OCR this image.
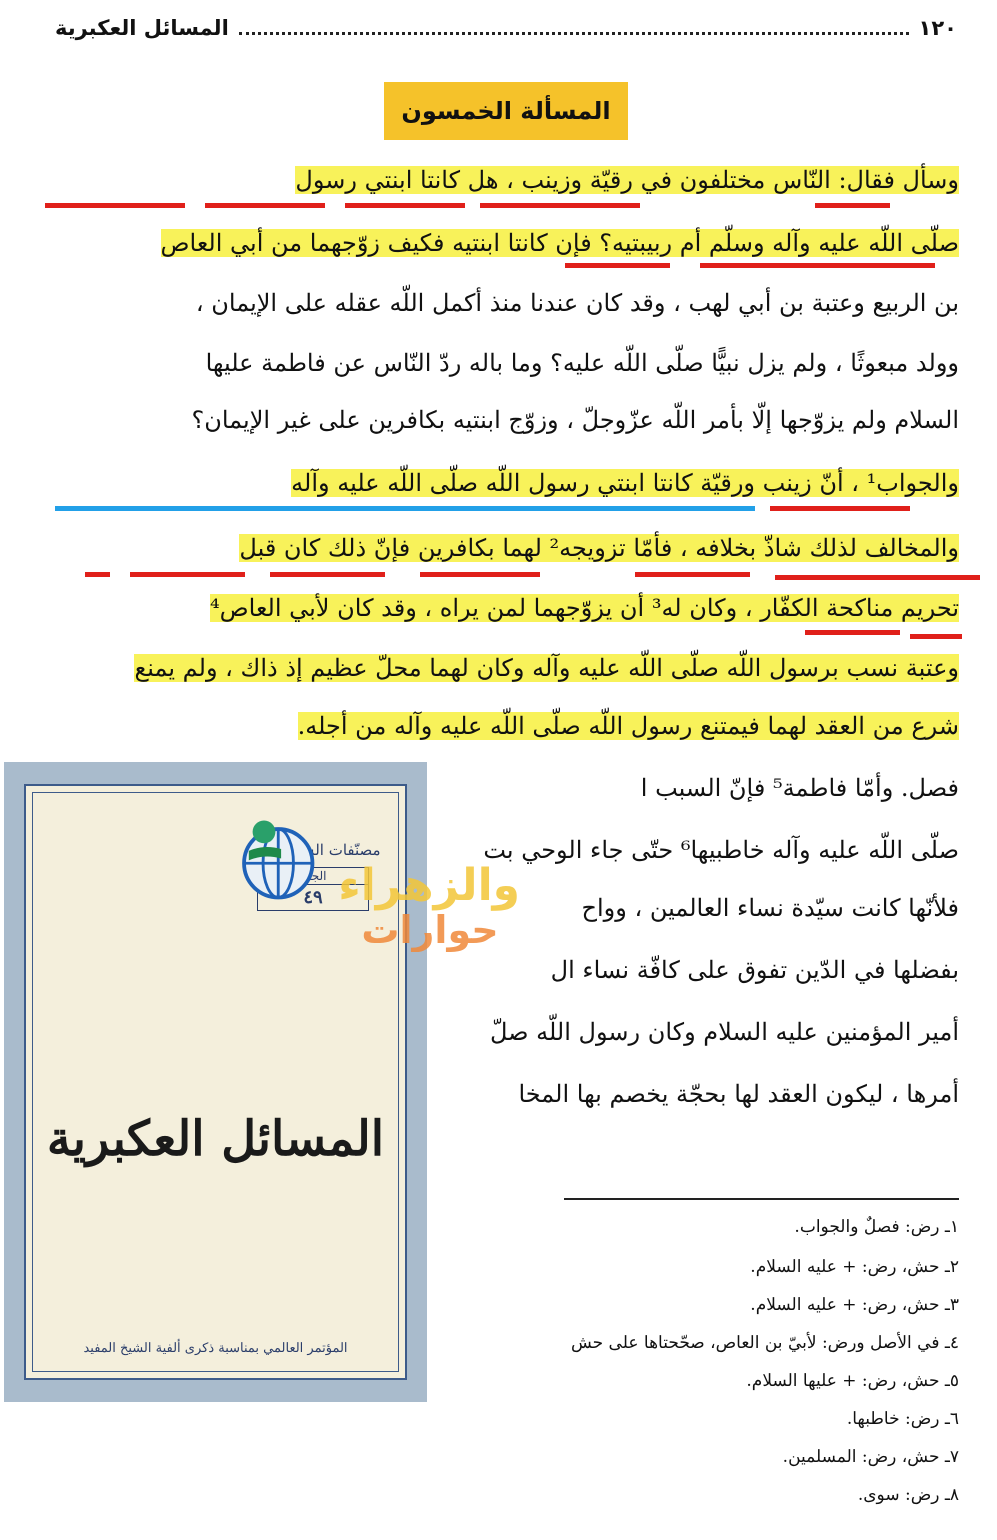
١٢٠
المسائل العكبرية
المسألة الخمسون
وسأل فقال: النّاس مختلفون في رقيّة وزينب ، هل كانتا ابنتي رسول
صلّى اللّه عليه وآله وسلّم أم ربيبتيه؟ فإن كانتا ابنتيه فكيف زوّجهما من أبي العاص
بن الربيع وعتبة بن أبي لهب ، وقد كان عندنا منذ أكمل اللّه عقله على الإيمان ،
وولد مبعوثًا ، ولم يزل نبيًّا صلّى اللّه عليه؟ وما باله ردّ النّاس عن فاطمة عليها
السلام ولم يزوّجها إلّا بأمر اللّه عزّوجلّ ، وزوّج ابنتيه بكافرين على غير الإيمان؟
والجواب¹ ، أنّ زينب ورقيّة كانتا ابنتي رسول اللّه صلّى اللّه عليه وآله
والمخالف لذلك شاذّ بخلافه ، فأمّا تزويجه² لهما بكافرين فإنّ ذلك كان قبل
تحريم مناكحة الكفّار ، وكان له³ أن يزوّجهما لمن يراه ، وقد كان لأبي العاص⁴
وعتبة نسب برسول اللّه صلّى اللّه عليه وآله وكان لهما محلّ عظيم إذ ذاك ، ولم يمنع
شرع من العقد لهما فيمتنع رسول اللّه صلّى اللّه عليه وآله من أجله.
مصنّفات الشيخ المفيد
الجزء
٤٩
المسائل العكبرية
المؤتمر العالمي بمناسبة ذكرى ألفية الشيخ المفيد
فصل. وأمّا فاطمة⁵ فإنّ السبب ا
صلّى اللّه عليه وآله خاطبيها⁶ حتّى جاء الوحي بت
فلأنّها كانت سيّدة نساء العالمين ، وواح
بفضلها في الدّين تفوق على كافّة نساء ال
أمير المؤمنين عليه السلام وكان رسول اللّه صلّ
أمرها ، ليكون العقد لها بحجّة يخصم بها المخا
والزهراء
حوارات
١ـ رض: فصلٌ والجواب.
٢ـ حش، رض: + عليه السلام.
٣ـ حش، رض: + عليه السلام.
٤ـ في الأصل ورض: لأبيّ بن العاص، صحّحتاها على حش
٥ـ حش، رض: + عليها السلام.
٦ـ رض: خاطبها.
٧ـ حش، رض: المسلمين.
٨ـ رض: سوى.
